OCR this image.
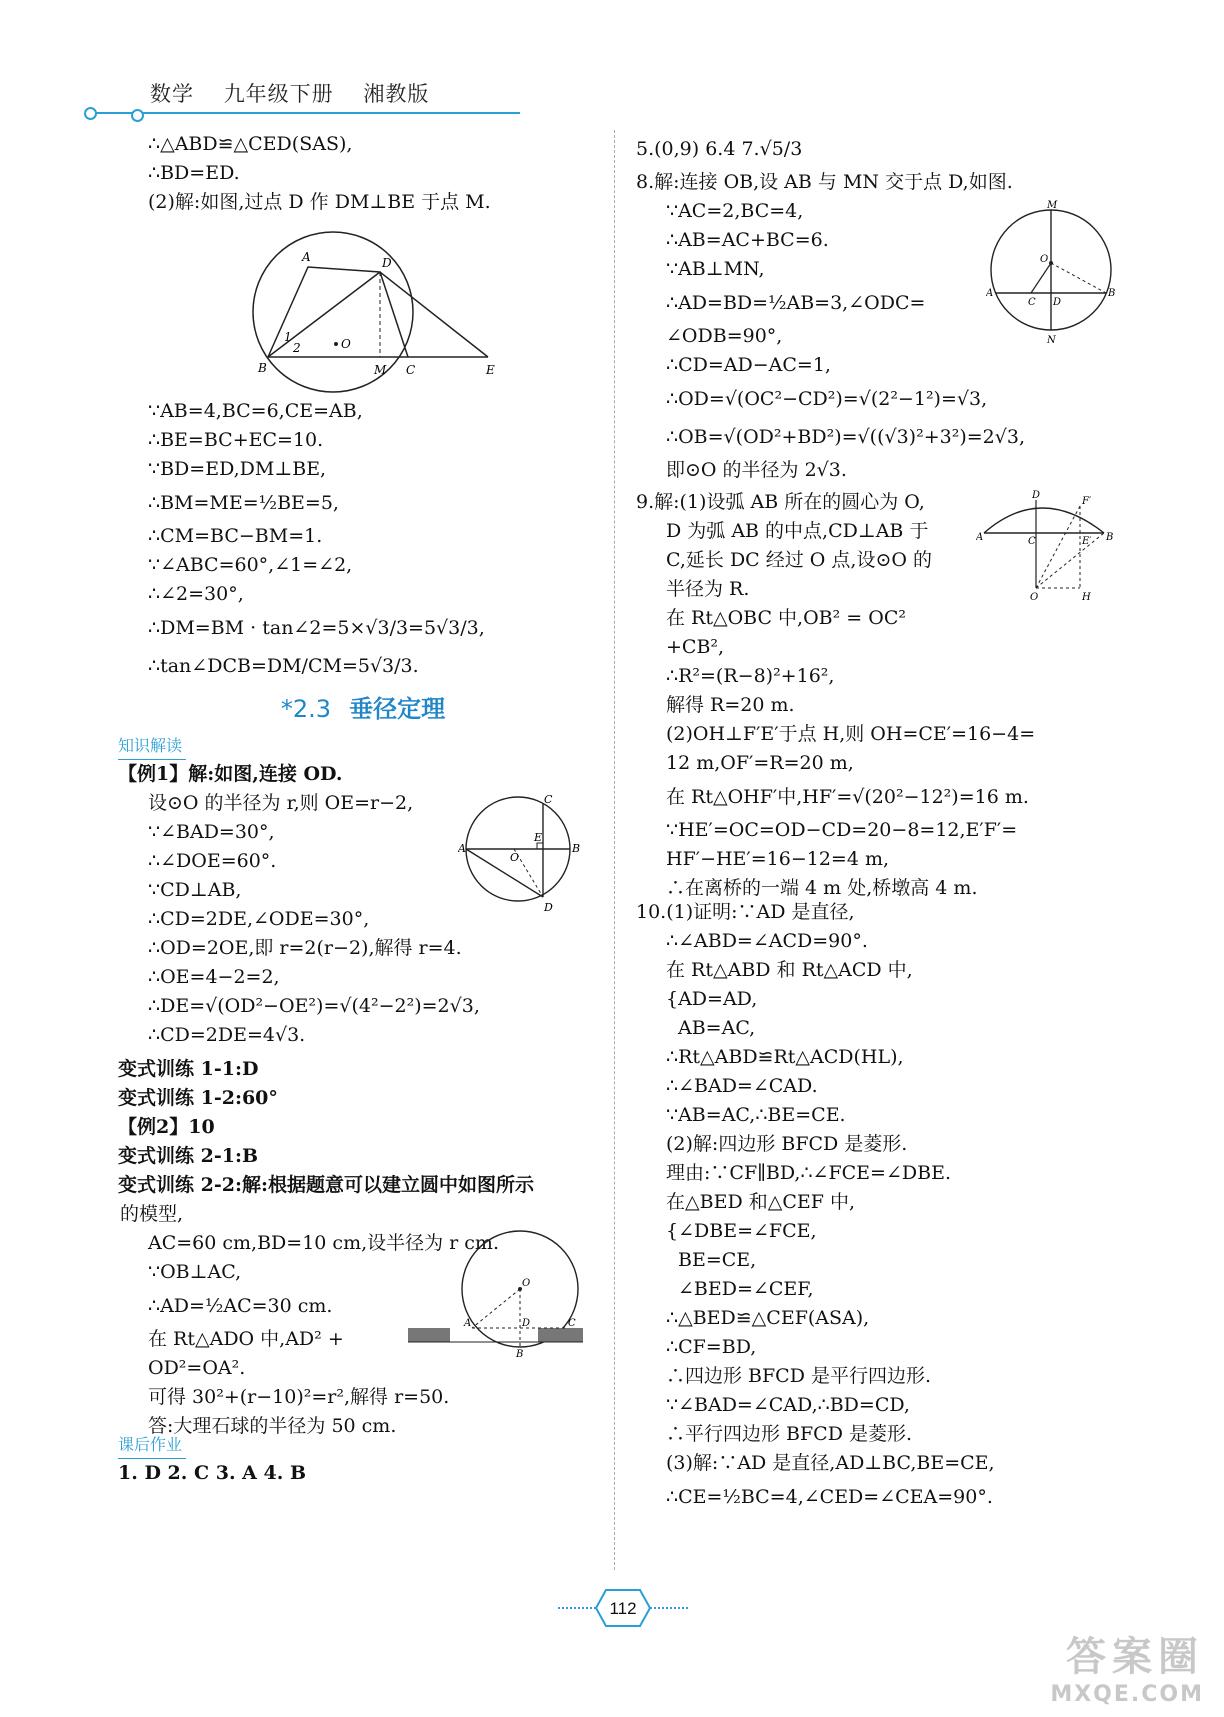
数学 九年级下册 湘教版
∴△ABD≌△CED(SAS),
∴BD=ED.
(2)解:如图,过点 D 作 DM⊥BE 于点 M.
A	D
1
2	O
B	M C	E
∵AB=4,BC=6,CE=AB,
∴BE=BC+EC=10.
∵BD=ED,DM⊥BE,
∴BM=ME=½BE=5,
∴CM=BC−BM=1.
∵∠ABC=60°,∠1=∠2,
∴∠2=30°,
∴DM=BM · tan∠2=5×√3/3=5√3/3,
∴tan∠DCB=DM/CM=5√3/3.
*2.3 垂径定理
知识解读
【例1】解:如图,连接 OD.
设⊙O 的半径为 r,则 OE=r−2,
∵∠BAD=30°,
∴∠DOE=60°.
∵CD⊥AB,
∴CD=2DE,∠ODE=30°,
∴OD=2OE,即 r=2(r−2),解得 r=4.
∴OE=4−2=2,
∴DE=√(OD²−OE²)=√(4²−2²)=2√3,
∴CD=2DE=4√3.
C
A
E
O
B
D
变式训练 1-1:D
变式训练 1-2:60°
【例2】10
变式训练 2-1:B
变式训练 2-2:解:根据题意可以建立圆中如图所示
的模型,
AC=60 cm,BD=10 cm,设半径为 r cm.
∵OB⊥AC,
∴AD=½AC=30 cm.
在 Rt△ADO 中,AD² +
OD²=OA².
可得 30²+(r−10)²=r²,解得 r=50.
答:大理石球的半径为 50 cm.
O
A	D	C
B
课后作业
1. D 2. C 3. A 4. B
5.(0,9) 6.4 7.√5/3
8.解:连接 OB,设 AB 与 MN 交于点 D,如图.
∵AC=2,BC=4,
∴AB=AC+BC=6.
∵AB⊥MN,
∴AD=BD=½AB=3,∠ODC=
∠ODB=90°,
∴CD=AD−AC=1,
∴OD=√(OC²−CD²)=√(2²−1²)=√3,
∴OB=√(OD²+BD²)=√((√3)²+3²)=2√3,
即⊙O 的半径为 2√3.
M
O
A
C D
B
N
9.解:(1)设弧 AB 所在的圆心为 O,
D 为弧 AB 的中点,CD⊥AB 于
C,延长 DC 经过 O 点,设⊙O 的
半径为 R.
在 Rt△OBC 中,OB² = OC²
+CB²,
∴R²=(R−8)²+16²,
解得 R=20 m.
(2)OH⊥F′E′于点 H,则 OH=CE′=16−4=
12 m,OF′=R=20 m,
在 Rt△OHF′中,HF′=√(20²−12²)=16 m.
∵HE′=OC=OD−CD=20−8=12,E′F′=
HF′−HE′=16−12=4 m,
∴在离桥的一端 4 m 处,桥墩高 4 m.
D
F′
A	C	E′ B
O	H
10.(1)证明:∵AD 是直径,
∴∠ABD=∠ACD=90°.
在 Rt△ABD 和 Rt△ACD 中,
{AD=AD,
AB=AC,
∴Rt△ABD≌Rt△ACD(HL),
∴∠BAD=∠CAD.
∵AB=AC,∴BE=CE.
(2)解:四边形 BFCD 是菱形.
理由:∵CF∥BD,∴∠FCE=∠DBE.
在△BED 和△CEF 中,
{∠DBE=∠FCE,
BE=CE,
∠BED=∠CEF,
∴△BED≌△CEF(ASA),
∴CF=BD,
∴四边形 BFCD 是平行四边形.
∵∠BAD=∠CAD,∴BD=CD,
∴平行四边形 BFCD 是菱形.
(3)解:∵AD 是直径,AD⊥BC,BE=CE,
∴CE=½BC=4,∠CED=∠CEA=90°.
112
答案圈
MXQE.COM
